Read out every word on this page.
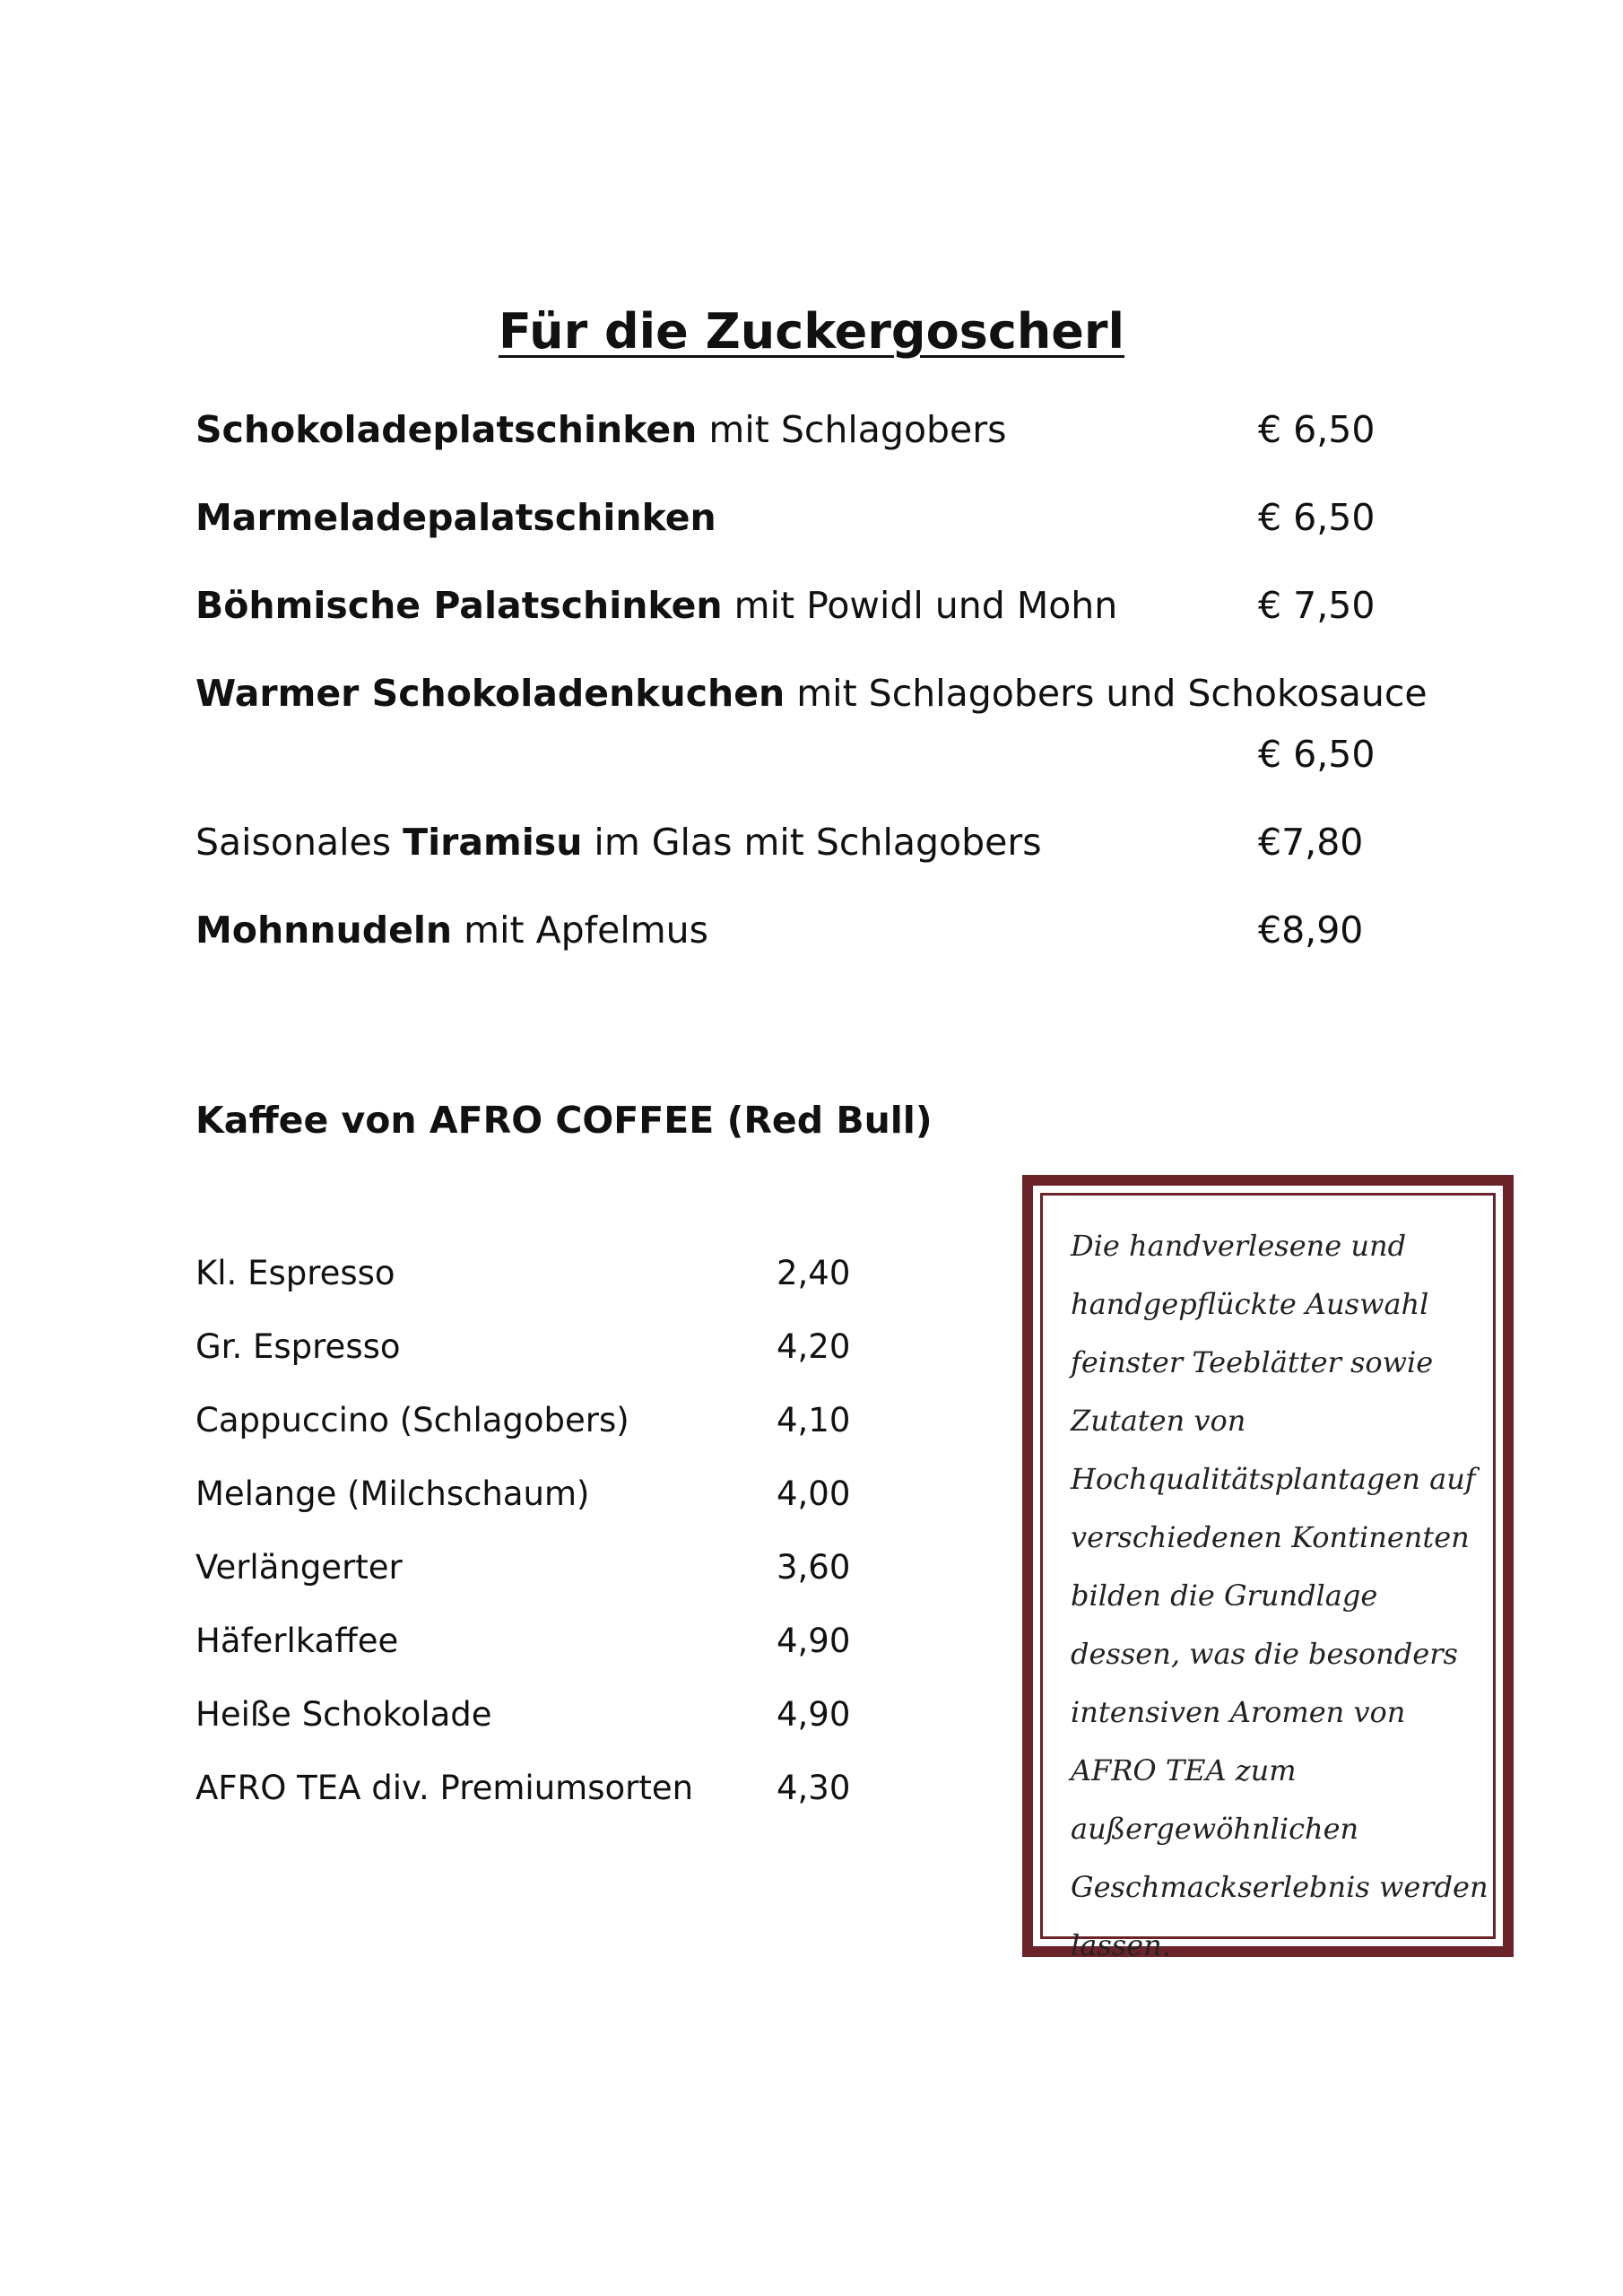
Für die Zuckergoscherl
Schokoladeplatschinken mit Schlagobers	€ 6,50
Marmeladepalatschinken	€ 6,50
Böhmische Palatschinken mit Powidl und Mohn	€ 7,50
Warmer Schokoladenkuchen mit Schlagobers und Schokosauce
€ 6,50
Saisonales Tiramisu im Glas mit Schlagobers	€7,80
Mohnnudeln mit Apfelmus	€8,90
Kaffee von AFRO COFFEE (Red Bull)
Kl. Espresso	2,40
Gr. Espresso	4,20
Cappuccino (Schlagobers)	4,10
Melange (Milchschaum)	4,00
Verlängerter	3,60
Häferlkaffee	4,90
Heiße Schokolade	4,90
AFRO TEA div. Premiumsorten	4,30
Die handverlesene und handgepflückte Auswahl feinster Teeblätter sowie Zutaten von Hochqualitätsplantagen auf verschiedenen Kontinenten bilden die Grundlage dessen, was die besonders intensiven Aromen von AFRO TEA zum außergewöhnlichen Geschmackserlebnis werden lassen.
